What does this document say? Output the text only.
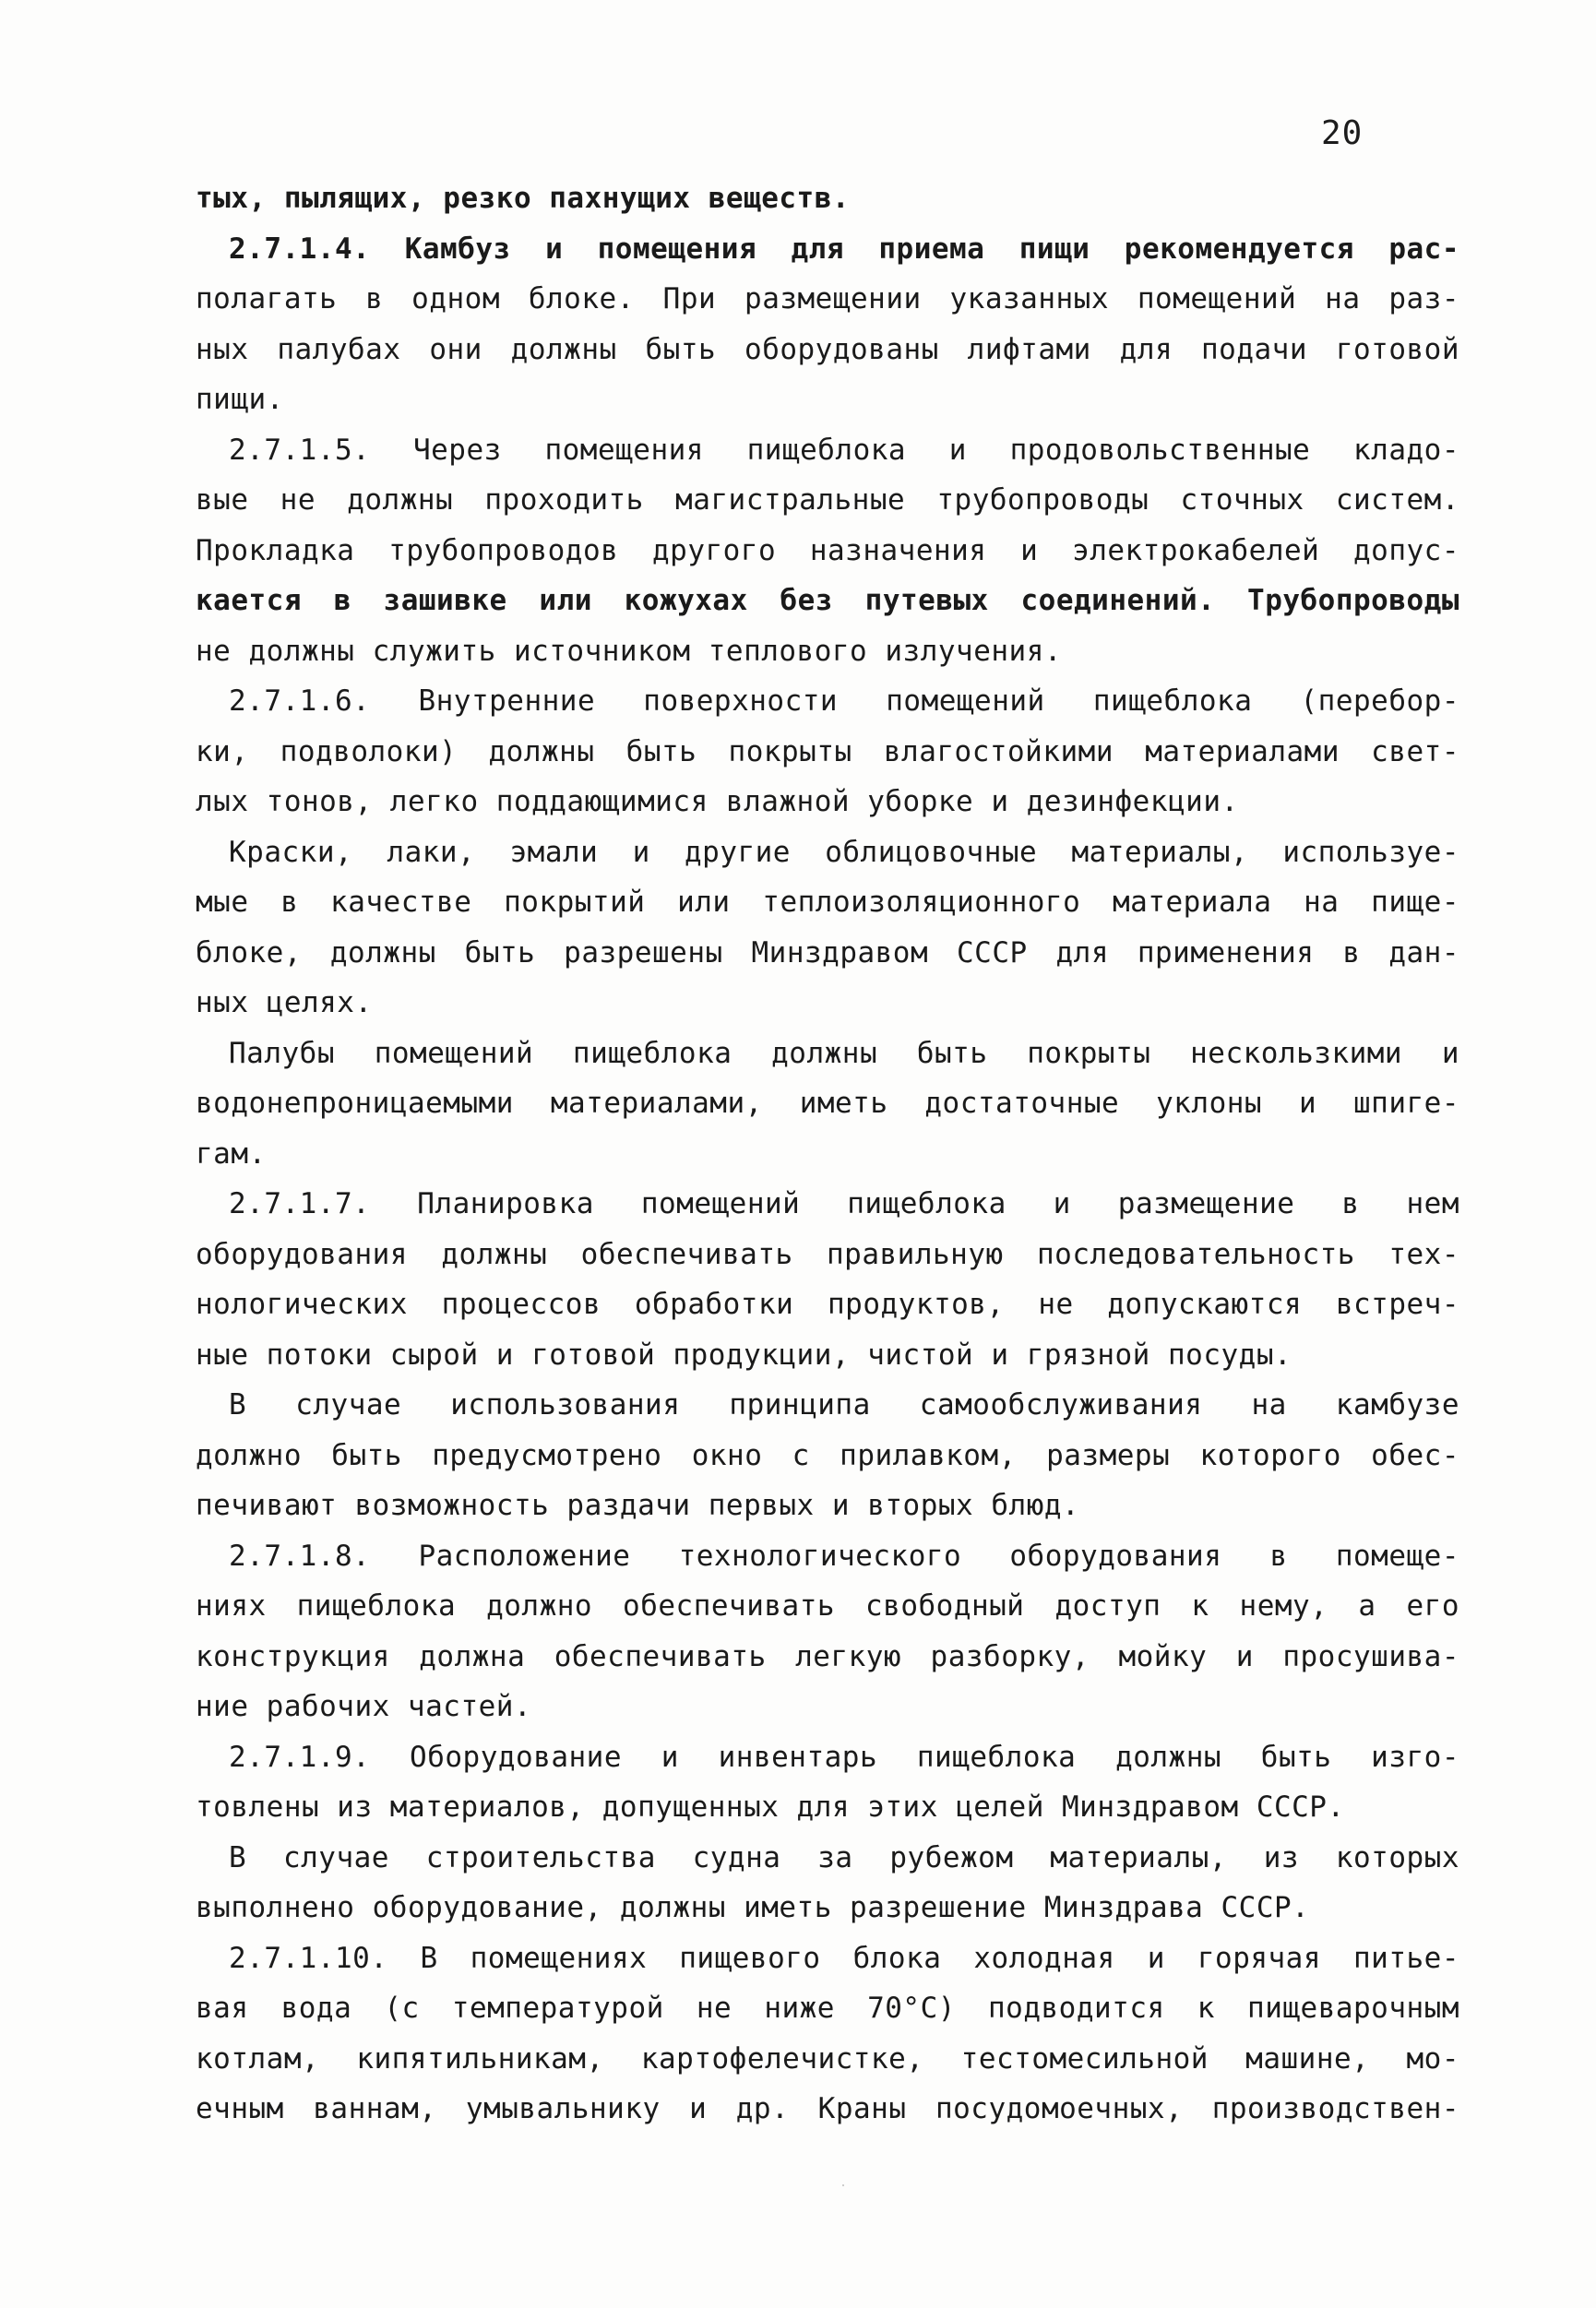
20
тых, пылящих, резко пахнущих веществ.
2.7.1.4. Камбуз и помещения для приема пищи рекомендуется рас-
полагать в одном блоке. При размещении указанных помещений на раз-
ных палубах они должны быть оборудованы лифтами для подачи готовой
пищи.
2.7.1.5. Через помещения пищеблока и продовольственные кладо-
вые не должны проходить магистральные трубопроводы сточных систем.
Прокладка трубопроводов другого назначения и электрокабелей допус-
кается в зашивке или кожухах без путевых соединений. Трубопроводы
не должны служить источником теплового излучения.
2.7.1.6. Внутренние поверхности помещений пищеблока (перебор-
ки, подволоки) должны быть покрыты влагостойкими материалами свет-
лых тонов, легко поддающимися влажной уборке и дезинфекции.
Краски, лаки, эмали и другие облицовочные материалы, используе-
мые в качестве покрытий или теплоизоляционного материала на пище-
блоке, должны быть разрешены Минздравом СССР для применения в дан-
ных целях.
Палубы помещений пищеблока должны быть покрыты нескользкими и
водонепроницаемыми материалами, иметь достаточные уклоны и шпиге-
гам.
2.7.1.7. Планировка помещений пищеблока и размещение в нем
оборудования должны обеспечивать правильную последовательность тех-
нологических процессов обработки продуктов, не допускаются встреч-
ные потоки сырой и готовой продукции, чистой и грязной посуды.
В случае использования принципа самообслуживания на камбузе
должно быть предусмотрено окно с прилавком, размеры которого обес-
печивают возможность раздачи первых и вторых блюд.
2.7.1.8. Расположение технологического оборудования в помеще-
ниях пищеблока должно обеспечивать свободный доступ к нему, а его
конструкция должна обеспечивать легкую разборку, мойку и просушива-
ние рабочих частей.
2.7.1.9. Оборудование и инвентарь пищеблока должны быть изго-
товлены из материалов, допущенных для этих целей Минздравом СССР.
В случае строительства судна за рубежом материалы, из которых
выполнено оборудование, должны иметь разрешение Минздрава СССР.
2.7.1.10. В помещениях пищевого блока холодная и горячая питье-
вая вода (с температурой не ниже 70°С) подводится к пищеварочным
котлам, кипятильникам, картофелечистке, тестомесильной машине, мо-
ечным ваннам, умывальнику и др. Краны посудомоечных, производствен-
